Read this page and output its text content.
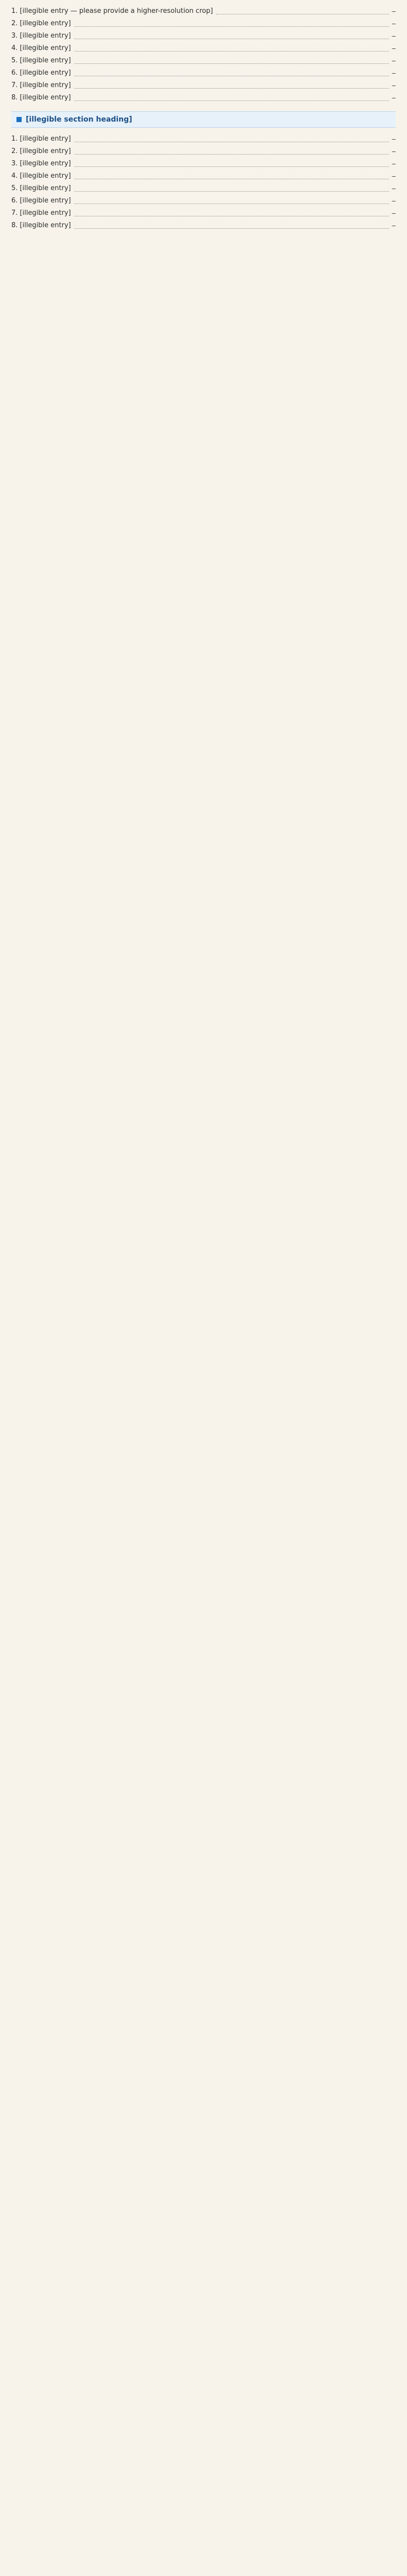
1. [illegible entry — please provide a higher-resolution crop]	—
2. [illegible entry]	—
3. [illegible entry]	—
4. [illegible entry]	—
5. [illegible entry]	—
6. [illegible entry]	—
7. [illegible entry]	—
8. [illegible entry]	—
[illegible section heading]
1. [illegible entry]	—
2. [illegible entry]	—
3. [illegible entry]	—
4. [illegible entry]	—
5. [illegible entry]	—
6. [illegible entry]	—
7. [illegible entry]	—
8. [illegible entry]	—
